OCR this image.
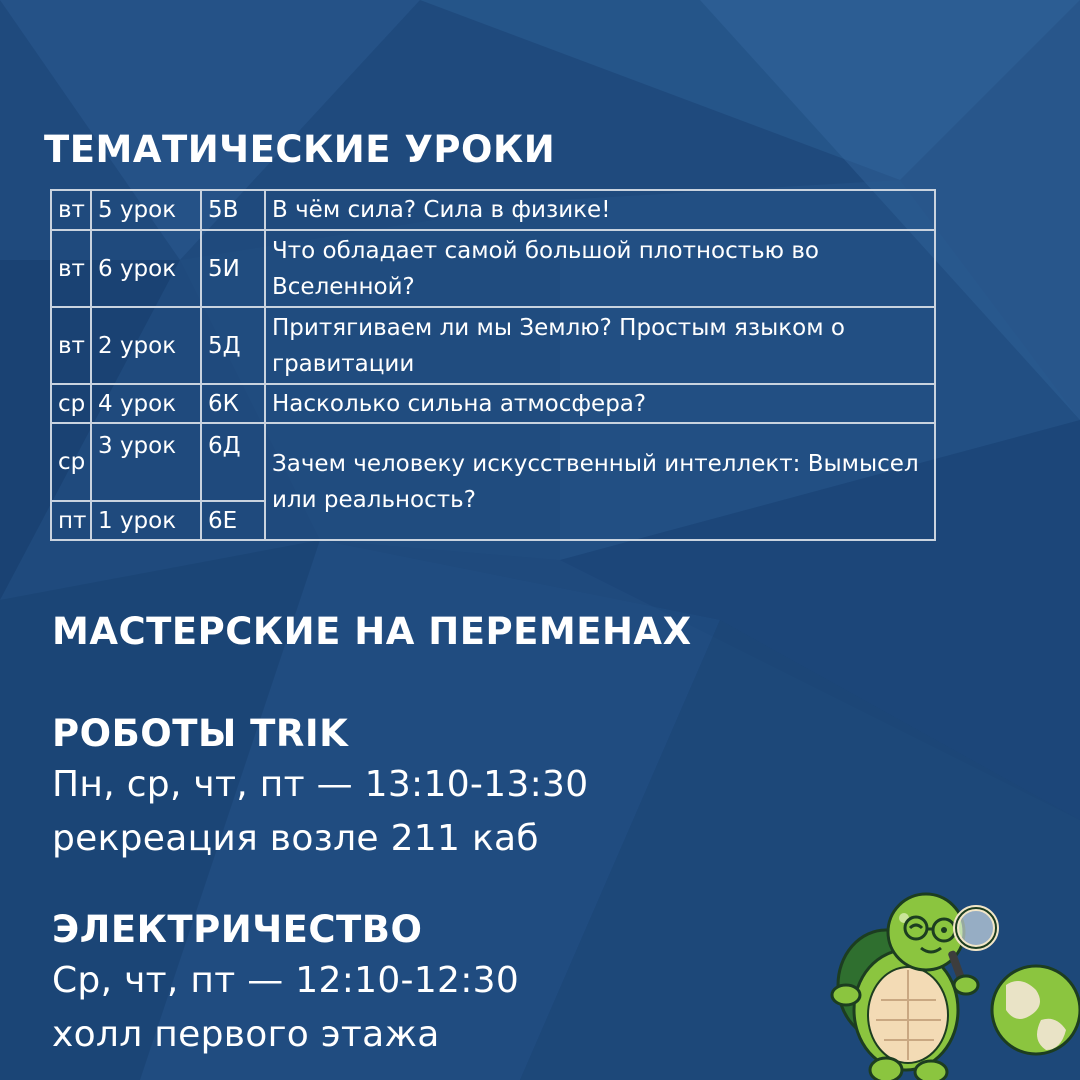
ТЕМАТИЧЕСКИЕ УРОКИ
вт	5 урок	5В	В чём сила? Сила в физике!
вт	6 урок	5И	Что обладает самой большой плотностью во Вселенной?
вт	2 урок	5Д	Притягиваем ли мы Землю? Простым языком о гравитации
ср	4 урок	6К	Насколько сильна атмосфера?
ср	3 урок	6Д	Зачем человеку искусственный интеллект: Вымысел или реальность?
пт	1 урок	6Е	
МАСТЕРСКИЕ НА ПЕРЕМЕНАХ
РОБОТЫ TRIK
Пн, ср, чт, пт — 13:10-13:30
рекреация возле 211 каб
ЭЛЕКТРИЧЕСТВО
Ср, чт, пт — 12:10-12:30
холл первого этажа
